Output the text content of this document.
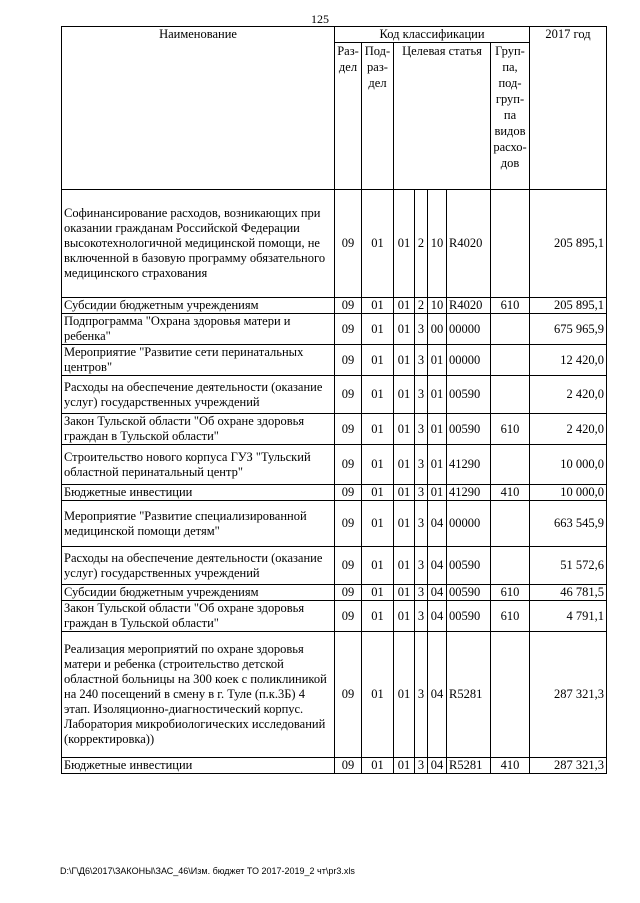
125
Наименование	Код классификации							2017 год
	Раз-дел	Под-раз-дел	Целевая статья				Груп-па, под-груп-па видов расхо-дов	
Софинансирование расходов, возникающих при оказании гражданам Российской Федерации высокотехнологичной медицинской помощи, не включенной в базовую программу обязательного медицинского страхования	09	01	01	2	10	R4020		205 895,1
Субсидии бюджетным учреждениям	09	01	01	2	10	R4020	610	205 895,1
Подпрограмма "Охрана здоровья матери и ребенка"	09	01	01	3	00	00000		675 965,9
Мероприятие "Развитие сети перинатальных центров"	09	01	01	3	01	00000		12 420,0
Расходы на обеспечение деятельности (оказание услуг) государственных учреждений	09	01	01	3	01	00590		2 420,0
Закон Тульской области "Об охране здоровья граждан в Тульской области"	09	01	01	3	01	00590	610	2 420,0
Строительство нового корпуса ГУЗ "Тульский областной перинатальный центр"	09	01	01	3	01	41290		10 000,0
Бюджетные инвестиции	09	01	01	3	01	41290	410	10 000,0
Мероприятие "Развитие специализированной медицинской помощи детям"	09	01	01	3	04	00000		663 545,9
Расходы на обеспечение деятельности (оказание услуг) государственных учреждений	09	01	01	3	04	00590		51 572,6
Субсидии бюджетным учреждениям	09	01	01	3	04	00590	610	46 781,5
Закон Тульской области "Об охране здоровья граждан в Тульской области"	09	01	01	3	04	00590	610	4 791,1
Реализация мероприятий по охране здоровья матери и ребенка (строительство детской областной больницы на 300 коек с поликлиникой на 240 посещений в смену в г. Туле (п.к.3Б) 4 этап. Изоляционно-диагностический корпус. Лаборатория микробиологических исследований (корректировка))	09	01	01	3	04	R5281		287 321,3
Бюджетные инвестиции	09	01	01	3	04	R5281	410	287 321,3
D:\Г\Д6\2017\ЗАКОНЫ\ЗАС_46\Изм. бюджет ТО 2017-2019_2 чт\pr3.xls
